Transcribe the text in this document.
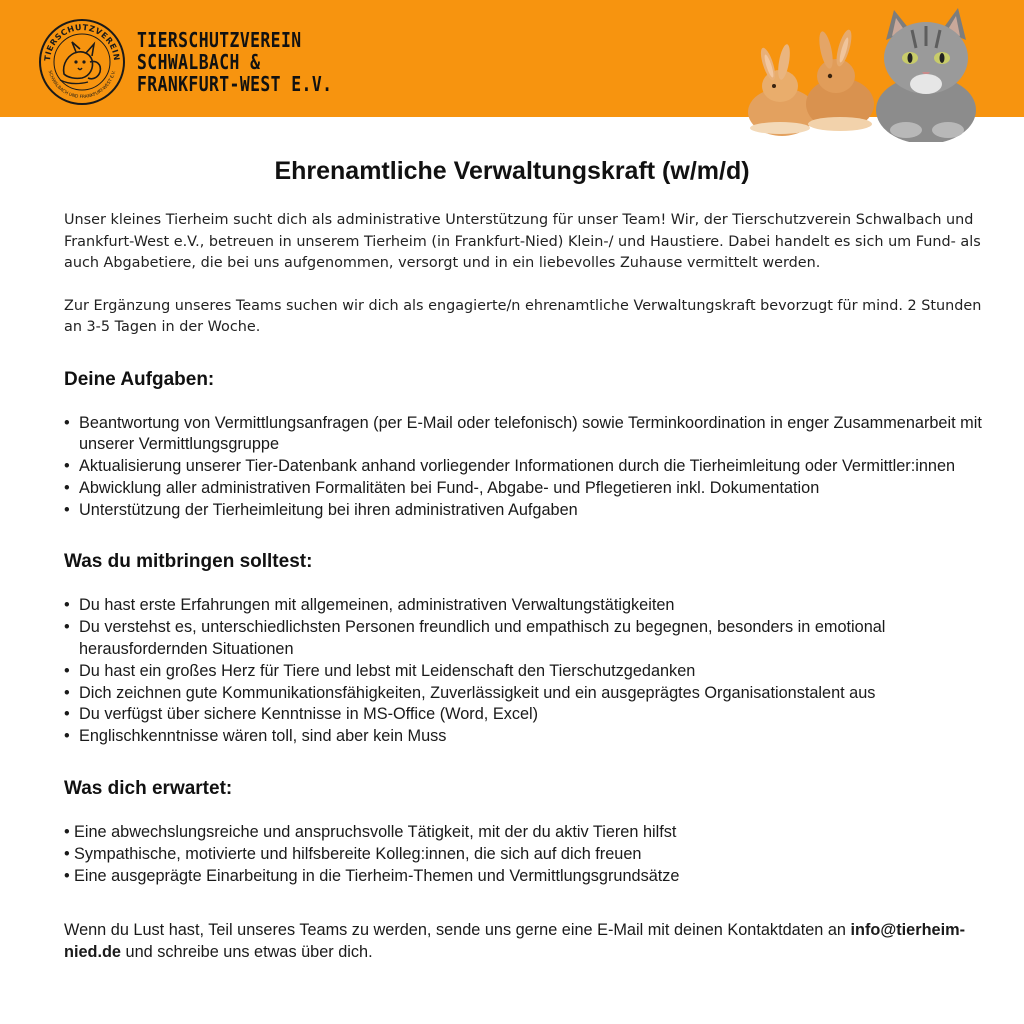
TIERSCHUTZVEREIN
SCHWALBACH UND FRANKFURT-WEST E.V.
TIERSCHUTZVEREIN
SCHWALBACH &
FRANKFURT-WEST E.V.
Ehrenamtliche Verwaltungskraft (w/m/d)

Unser kleines Tierheim sucht dich als administrative Unterstützung für unser Team! Wir, der Tierschutzverein Schwalbach und Frankfurt-West e.V., betreuen in unserem Tierheim (in Frankfurt-Nied) Klein-/ und Haustiere. Dabei handelt es sich um Fund- als auch Abgabetiere, die bei uns aufgenommen, versorgt und in ein liebevolles Zuhause vermittelt werden.

Zur Ergänzung unseres Teams suchen wir dich als engagierte/n ehrenamtliche Verwaltungskraft bevorzugt für mind. 2 Stunden an 3-5 Tagen in der Woche.

Deine Aufgaben:
• Beantwortung von Vermittlungsanfragen (per E-Mail oder telefonisch) sowie Terminkoordination in enger Zusammenarbeit mit unserer Vermittlungsgruppe
• Aktualisierung unserer Tier-Datenbank anhand vorliegender Informationen durch die Tierheimleitung oder Vermittler:innen
• Abwicklung aller administrativen Formalitäten bei Fund-, Abgabe- und Pflegetieren inkl. Dokumentation
• Unterstützung der Tierheimleitung bei ihren administrativen Aufgaben
Was du mitbringen solltest:
• Du hast erste Erfahrungen mit allgemeinen, administrativen Verwaltungstätigkeiten
• Du verstehst es, unterschiedlichsten Personen freundlich und empathisch zu begegnen, besonders in emotional herausfordernden Situationen
• Du hast ein großes Herz für Tiere und lebst mit Leidenschaft den Tierschutzgedanken
• Dich zeichnen gute Kommunikationsfähigkeiten, Zuverlässigkeit und ein ausgeprägtes Organisationstalent aus
• Du verfügst über sichere Kenntnisse in MS-Office (Word, Excel)
• Englischkenntnisse wären toll, sind aber kein Muss
Was dich erwartet:
• Eine abwechslungsreiche und anspruchsvolle Tätigkeit, mit der du aktiv Tieren hilfst
• Sympathische, motivierte und hilfsbereite Kolleg:innen, die sich auf dich freuen
• Eine ausgeprägte Einarbeitung in die Tierheim-Themen und Vermittlungsgrundsätze

Wenn du Lust hast, Teil unseres Teams zu werden, sende uns gerne eine E-Mail mit deinen Kontaktdaten an info@tierheim-nied.de und schreibe uns etwas über dich.
